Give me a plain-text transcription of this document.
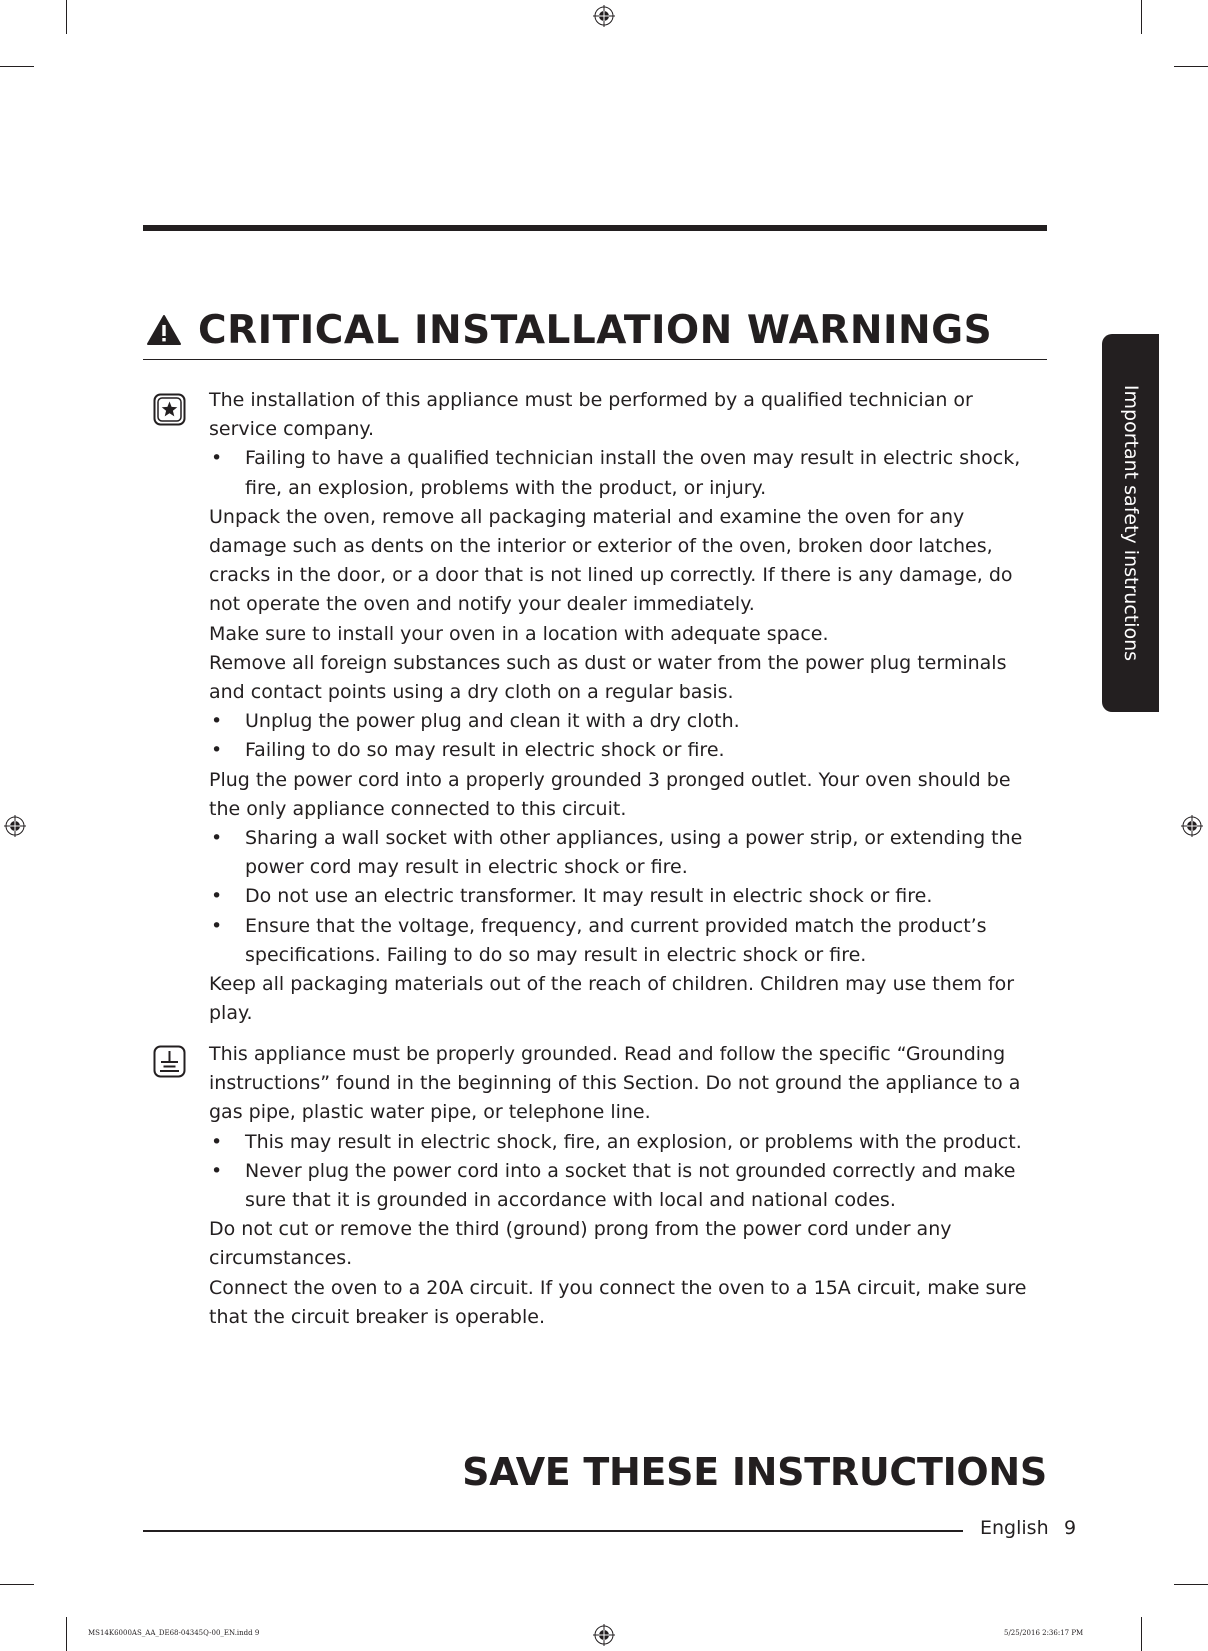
CRITICAL INSTALLATION WARNINGS
Important safety instructions

The installation of this appliance must be performed by a qualified technician or service company.

• Failing to have a qualified technician install the oven may result in electric shock, fire, an explosion, problems with the product, or injury.

Unpack the oven, remove all packaging material and examine the oven for any damage such as dents on the interior or exterior of the oven, broken door latches, cracks in the door, or a door that is not lined up correctly. If there is any damage, do not operate the oven and notify your dealer immediately.

Make sure to install your oven in a location with adequate space.

Remove all foreign substances such as dust or water from the power plug terminals and contact points using a dry cloth on a regular basis.

• Unplug the power plug and clean it with a dry cloth.

• Failing to do so may result in electric shock or fire.

Plug the power cord into a properly grounded 3 pronged outlet. Your oven should be the only appliance connected to this circuit.

• Sharing a wall socket with other appliances, using a power strip, or extending the power cord may result in electric shock or fire.

• Do not use an electric transformer. It may result in electric shock or fire.

• Ensure that the voltage, frequency, and current provided match the product’s specifications. Failing to do so may result in electric shock or fire.

Keep all packaging materials out of the reach of children. Children may use them for play.

This appliance must be properly grounded. Read and follow the specific “Grounding instructions” found in the beginning of this Section. Do not ground the appliance to a gas pipe, plastic water pipe, or telephone line.

• This may result in electric shock, fire, an explosion, or problems with the product.

• Never plug the power cord into a socket that is not grounded correctly and make sure that it is grounded in accordance with local and national codes.

Do not cut or remove the third (ground) prong from the power cord under any circumstances.

Connect the oven to a 20A circuit. If you connect the oven to a 15A circuit, make sure that the circuit breaker is operable.

SAVE THESE INSTRUCTIONS
English 9
MS14K6000AS_AA_DE68-04345Q-00_EN.indd 9	5/25/2016 2:36:17 PM
